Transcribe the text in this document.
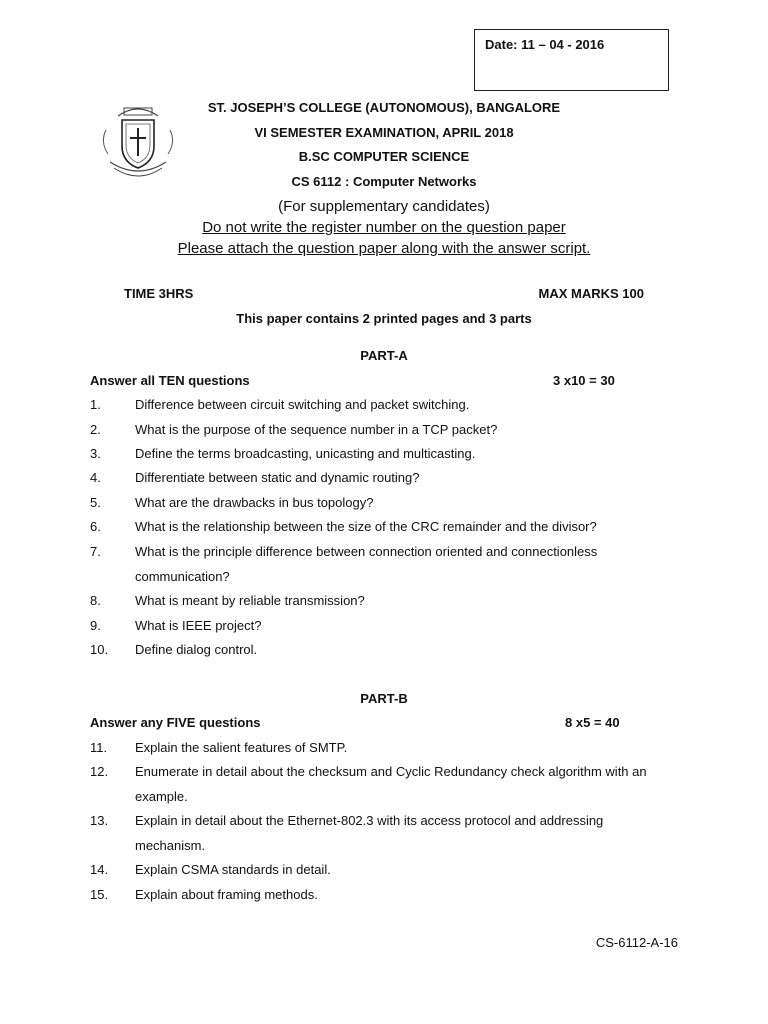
Date: 11 – 04 - 2016
ST. JOSEPH’S COLLEGE (AUTONOMOUS), BANGALORE
VI SEMESTER EXAMINATION, APRIL 2018
B.SC COMPUTER SCIENCE
CS 6112 : Computer Networks
(For supplementary candidates)
Do not write the register number on the question paper
Please attach the question paper along with the answer script.
TIME 3HRS	MAX MARKS 100
This paper contains 2 printed pages and 3 parts
PART-A
Answer all TEN questions	3 x10 = 30
1.	Difference between circuit switching and packet switching.
2.	What is the purpose of the sequence number in a TCP packet?
3.	Define the terms broadcasting, unicasting and multicasting.
4.	Differentiate between static and dynamic routing?
5.	What are the drawbacks in bus topology?
6.	What is the relationship between the size of the CRC remainder and the divisor?
7.	What is the principle difference between connection oriented and connectionless communication?
8.	What is meant by reliable transmission?
9.	What is IEEE project?
10. Define dialog control.
PART-B
Answer any FIVE questions	8 x5 = 40
11. Explain the salient features of SMTP.
12. Enumerate in detail about the checksum and Cyclic Redundancy check algorithm with an example.
13. Explain in detail about the Ethernet-802.3 with its access protocol and addressing mechanism.
14. Explain CSMA standards in detail.
15. Explain about framing methods.
CS-6112-A-16
